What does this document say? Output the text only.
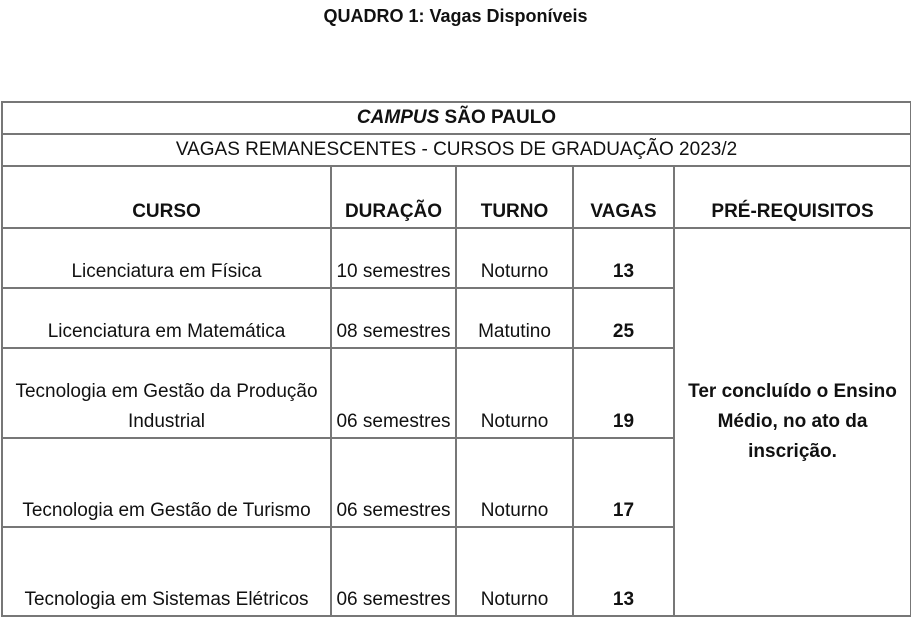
QUADRO 1: Vagas Disponíveis
CAMPUS SÃO PAULO				
VAGAS REMANESCENTES - CURSOS DE GRADUAÇÃO 2023/2				
CURSO	DURAÇÃO	TURNO	VAGAS	PRÉ-REQUISITOS
Licenciatura em Física	10 semestres	Noturno	13	Ter concluído o Ensino Médio, no ato da inscrição.
Licenciatura em Matemática	08 semestres	Matutino	25	
Tecnologia em Gestão da Produção Industrial	06 semestres	Noturno	19	
Tecnologia em Gestão de Turismo	06 semestres	Noturno	17	
Tecnologia em Sistemas Elétricos	06 semestres	Noturno	13	
